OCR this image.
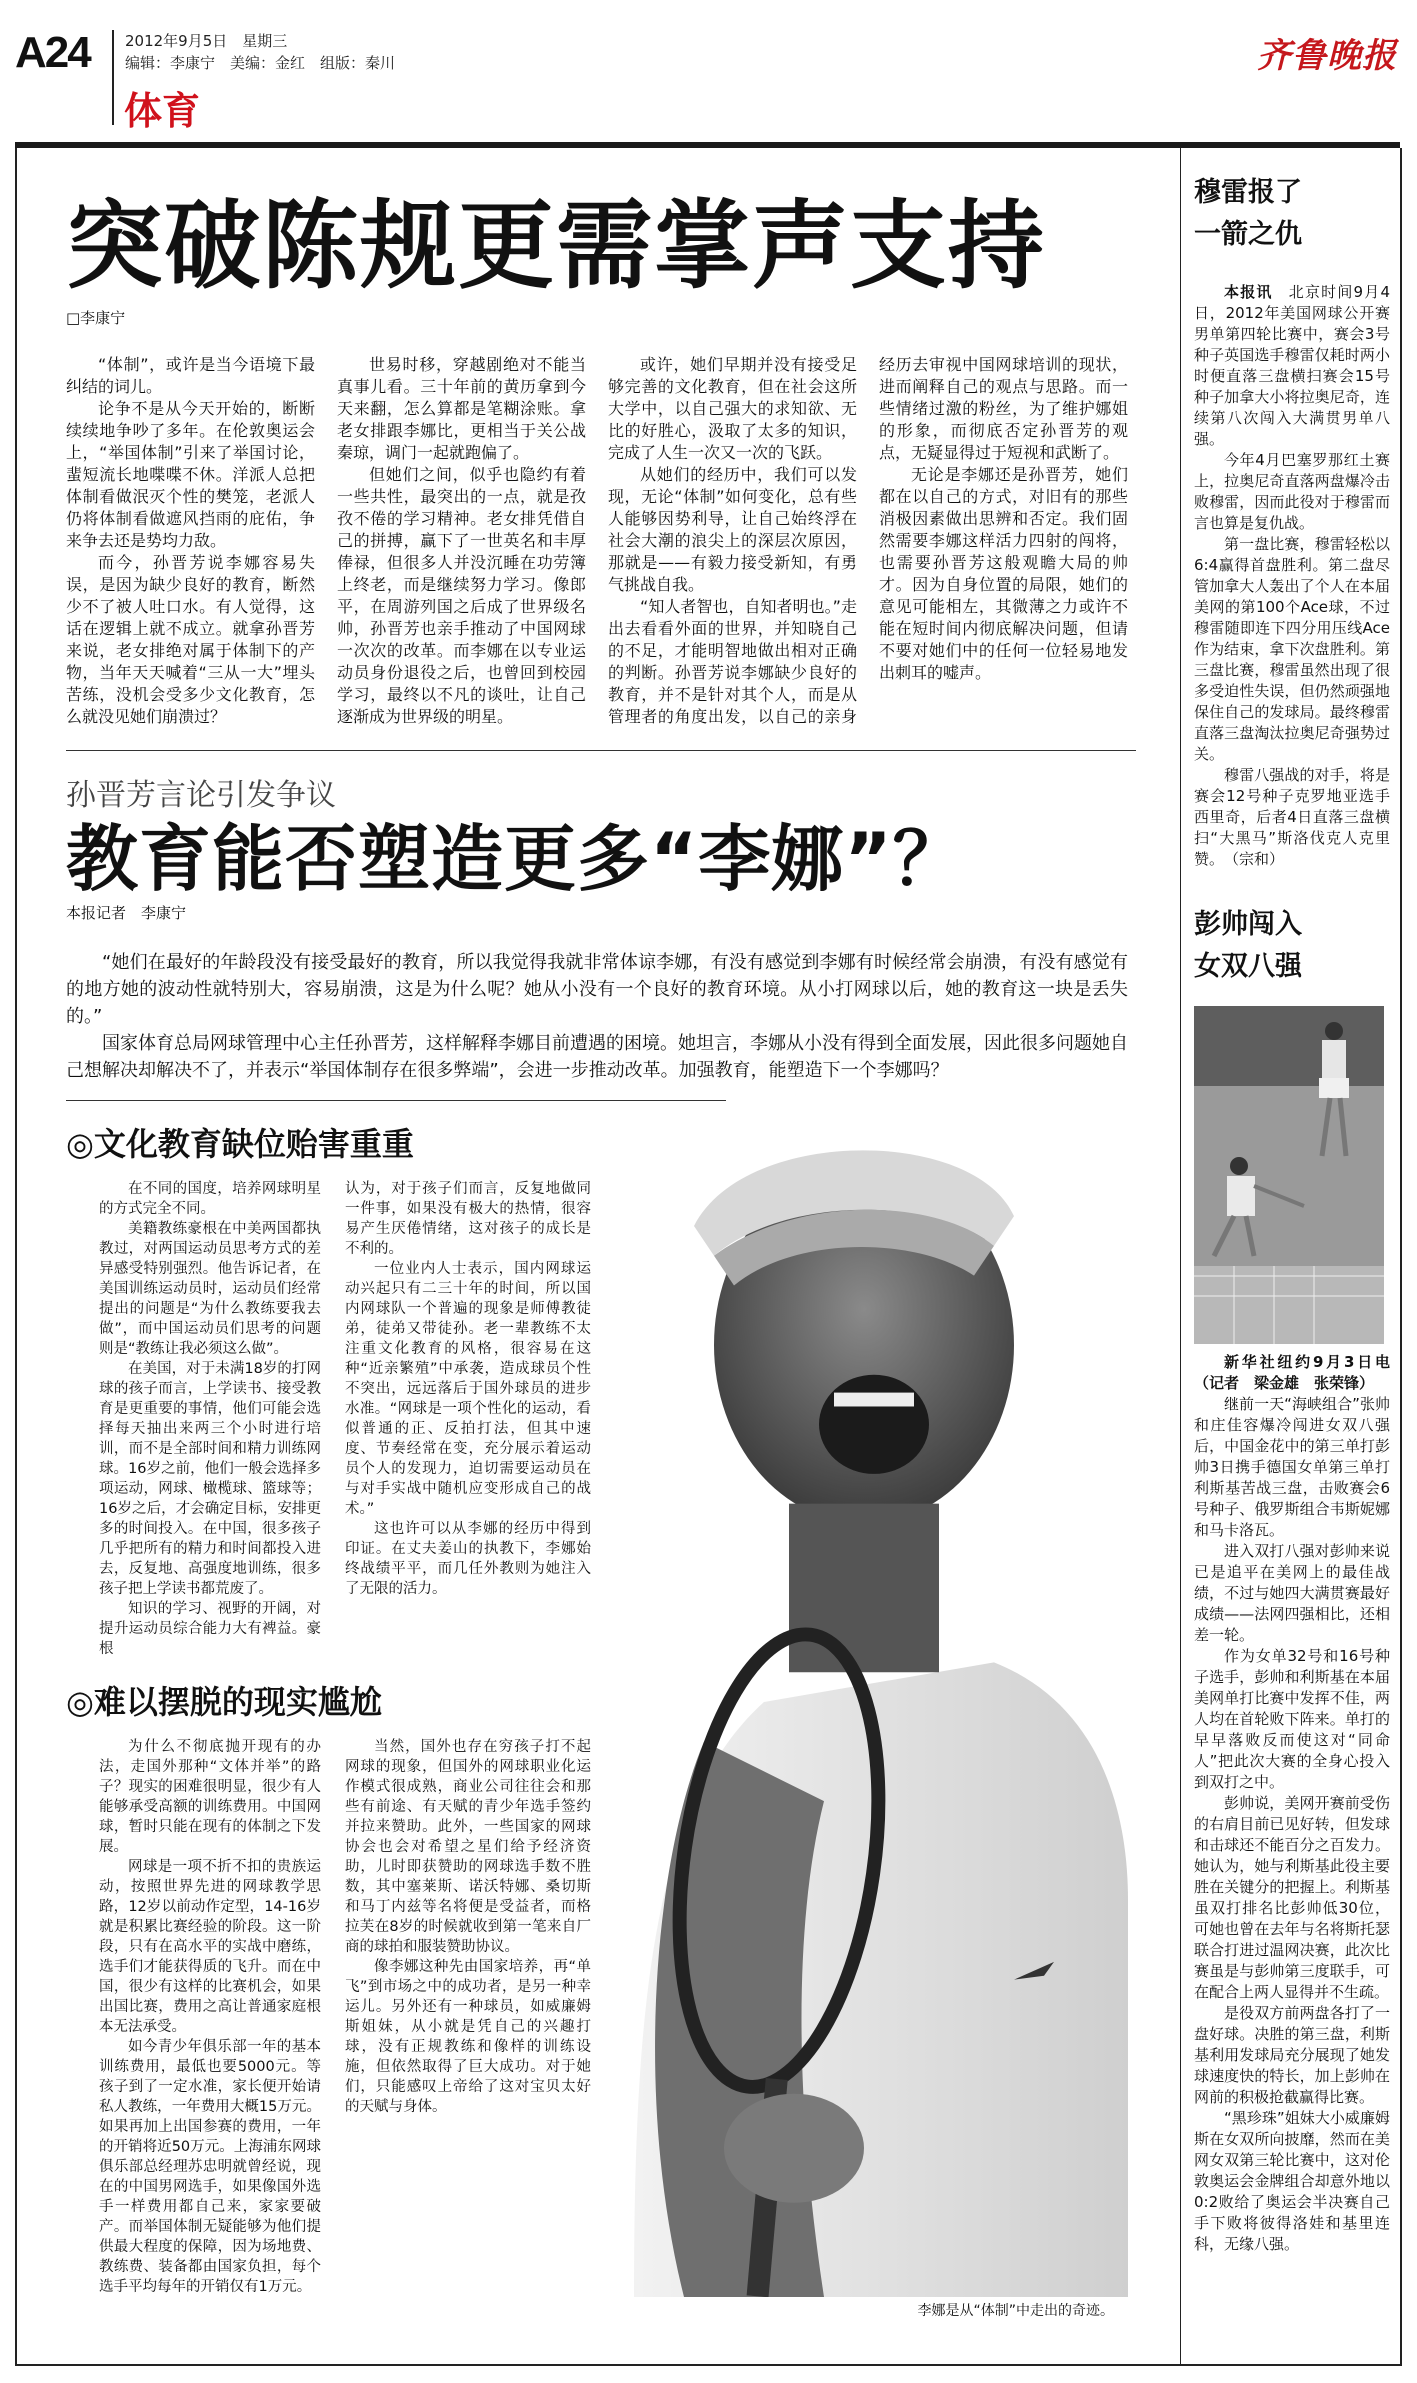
A24 2012年9月5日　星期三
编辑：李康宁　美编：金红　组版：秦川
体育
齐鲁晚报
突破陈规更需掌声支持
□李康宁

“体制”，或许是当今语境下最纠结的词儿。

论争不是从今天开始的，断断续续地争吵了多年。在伦敦奥运会上，“举国体制”引来了举国讨论，蜚短流长地喋喋不休。洋派人总把体制看做泯灭个性的樊笼，老派人仍将体制看做遮风挡雨的庇佑，争来争去还是势均力敌。

而今，孙晋芳说李娜容易失误，是因为缺少良好的教育，断然少不了被人吐口水。有人觉得，这话在逻辑上就不成立。就拿孙晋芳来说，老女排绝对属于体制下的产物，当年天天喊着“三从一大”埋头苦练，没机会受多少文化教育，怎么就没见她们崩溃过？

世易时移，穿越剧绝对不能当真事儿看。三十年前的黄历拿到今天来翻，怎么算都是笔糊涂账。拿老女排跟李娜比，更相当于关公战秦琼，调门一起就跑偏了。

但她们之间，似乎也隐约有着一些共性，最突出的一点，就是孜孜不倦的学习精神。老女排凭借自己的拼搏，赢下了一世英名和丰厚俸禄，但很多人并没沉睡在功劳簿上终老，而是继续努力学习。像郎平，在周游列国之后成了世界级名帅，孙晋芳也亲手推动了中国网球一次次的改革。而李娜在以专业运动员身份退役之后，也曾回到校园学习，最终以不凡的谈吐，让自己逐渐成为世界级的明星。

或许，她们早期并没有接受足够完善的文化教育，但在社会这所大学中，以自己强大的求知欲、无比的好胜心，汲取了太多的知识，完成了人生一次又一次的飞跃。

从她们的经历中，我们可以发现，无论“体制”如何变化，总有些人能够因势利导，让自己始终浮在社会大潮的浪尖上的深层次原因，那就是——有毅力接受新知，有勇气挑战自我。

“知人者智也，自知者明也。”走出去看看外面的世界，并知晓自己的不足，才能明智地做出相对正确的判断。孙晋芳说李娜缺少良好的教育，并不是针对其个人，而是从管理者的角度出发，以自己的亲身经历去审视中国网球培训的现状，进而阐释自己的观点与思路。而一些情绪过激的粉丝，为了维护娜姐的形象，而彻底否定孙晋芳的观点，无疑显得过于短视和武断了。

无论是李娜还是孙晋芳，她们都在以自己的方式，对旧有的那些消极因素做出思辨和否定。我们固然需要李娜这样活力四射的闯将，也需要孙晋芳这般观瞻大局的帅才。因为自身位置的局限，她们的意见可能相左，其微薄之力或许不能在短时间内彻底解决问题，但请不要对她们中的任何一位轻易地发出刺耳的嘘声。

孙晋芳言论引发争议
教育能否塑造更多“李娜”？
本报记者　李康宁

“她们在最好的年龄段没有接受最好的教育，所以我觉得我就非常体谅李娜，有没有感觉到李娜有时候经常会崩溃，有没有感觉有的地方她的波动性就特别大，容易崩溃，这是为什么呢？她从小没有一个良好的教育环境。从小打网球以后，她的教育这一块是丢失的。”

国家体育总局网球管理中心主任孙晋芳，这样解释李娜目前遭遇的困境。她坦言，李娜从小没有得到全面发展，因此很多问题她自己想解决却解决不了，并表示“举国体制存在很多弊端”，会进一步推动改革。加强教育，能塑造下一个李娜吗？

◎文化教育缺位贻害重重

在不同的国度，培养网球明星的方式完全不同。

美籍教练豪根在中美两国都执教过，对两国运动员思考方式的差异感受特别强烈。他告诉记者，在美国训练运动员时，运动员们经常提出的问题是“为什么教练要我去做”，而中国运动员们思考的问题则是“教练让我必须这么做”。

在美国，对于未满18岁的打网球的孩子而言，上学读书、接受教育是更重要的事情，他们可能会选择每天抽出来两三个小时进行培训，而不是全部时间和精力训练网球。16岁之前，他们一般会选择多项运动，网球、橄榄球、篮球等；16岁之后，才会确定目标，安排更多的时间投入。在中国，很多孩子几乎把所有的精力和时间都投入进去，反复地、高强度地训练，很多孩子把上学读书都荒废了。

知识的学习、视野的开阔，对提升运动员综合能力大有裨益。豪根

认为，对于孩子们而言，反复地做同一件事，如果没有极大的热情，很容易产生厌倦情绪，这对孩子的成长是不利的。

一位业内人士表示，国内网球运动兴起只有二三十年的时间，所以国内网球队一个普遍的现象是师傅教徒弟，徒弟又带徒孙。老一辈教练不太注重文化教育的风格，很容易在这种“近亲繁殖”中承袭，造成球员个性不突出，远远落后于国外球员的进步水准。“网球是一项个性化的运动，看似普通的正、反拍打法，但其中速度、节奏经常在变，充分展示着运动员个人的发现力，迫切需要运动员在与对手实战中随机应变形成自己的战术。”

这也许可以从李娜的经历中得到印证。在丈夫姜山的执教下，李娜始终战绩平平，而几任外教则为她注入了无限的活力。

◎难以摆脱的现实尴尬

为什么不彻底抛开现有的办法，走国外那种“文体并举”的路子？现实的困难很明显，很少有人能够承受高额的训练费用。中国网球，暂时只能在现有的体制之下发展。

网球是一项不折不扣的贵族运动，按照世界先进的网球教学思路，12岁以前动作定型，14-16岁就是积累比赛经验的阶段。这一阶段，只有在高水平的实战中磨练，选手们才能获得质的飞升。而在中国，很少有这样的比赛机会，如果出国比赛，费用之高让普通家庭根本无法承受。

如今青少年俱乐部一年的基本训练费用，最低也要5000元。等孩子到了一定水准，家长便开始请私人教练，一年费用大概15万元。如果再加上出国参赛的费用，一年的开销将近50万元。上海浦东网球俱乐部总经理苏忠明就曾经说，现在的中国男网选手，如果像国外选手一样费用都自己来，家家要破产。而举国体制无疑能够为他们提供最大程度的保障，因为场地费、教练费、装备都由国家负担，每个选手平均每年的开销仅有1万元。

当然，国外也存在穷孩子打不起网球的现象，但国外的网球职业化运作模式很成熟，商业公司往往会和那些有前途、有天赋的青少年选手签约并拉来赞助。此外，一些国家的网球协会也会对希望之星们给予经济资助，儿时即获赞助的网球选手数不胜数，其中塞莱斯、诺沃特娜、桑切斯和马丁内兹等名将便是受益者，而格拉芙在8岁的时候就收到第一笔来自厂商的球拍和服装赞助协议。

像李娜这种先由国家培养，再“单飞”到市场之中的成功者，是另一种幸运儿。另外还有一种球员，如威廉姆斯姐妹，从小就是凭自己的兴趣打球，没有正规教练和像样的训练设施，但依然取得了巨大成功。对于她们，只能感叹上帝给了这对宝贝太好的天赋与身体。

李娜是从“体制”中走出的奇迹。
穆雷报了
一箭之仇

本报讯　北京时间9月4日，2012年美国网球公开赛男单第四轮比赛中，赛会3号种子英国选手穆雷仅耗时两小时便直落三盘横扫赛会15号种子加拿大小将拉奥尼奇，连续第八次闯入大满贯男单八强。

今年4月巴塞罗那红土赛上，拉奥尼奇直落两盘爆冷击败穆雷，因而此役对于穆雷而言也算是复仇战。

第一盘比赛，穆雷轻松以6:4赢得首盘胜利。第二盘尽管加拿大人轰出了个人在本届美网的第100个Ace球，不过穆雷随即连下四分用压线Ace作为结束，拿下次盘胜利。第三盘比赛，穆雷虽然出现了很多受迫性失误，但仍然顽强地保住自己的发球局。最终穆雷直落三盘淘汰拉奥尼奇强势过关。

穆雷八强战的对手，将是赛会12号种子克罗地亚选手西里奇，后者4日直落三盘横扫“大黑马”斯洛伐克人克里赞。　（宗和）

彭帅闯入
女双八强

新华社纽约9月3日电（记者　梁金雄　张荣锋）

继前一天“海峡组合”张帅和庄佳容爆冷闯进女双八强后，中国金花中的第三单打彭帅3日携手德国女单第三单打利斯基苦战三盘，击败赛会6号种子、俄罗斯组合韦斯妮娜和马卡洛瓦。

进入双打八强对彭帅来说已是追平在美网上的最佳战绩，不过与她四大满贯赛最好成绩——法网四强相比，还相差一轮。

作为女单32号和16号种子选手，彭帅和利斯基在本届美网单打比赛中发挥不佳，两人均在首轮败下阵来。单打的早早落败反而使这对“同命人”把此次大赛的全身心投入到双打之中。

彭帅说，美网开赛前受伤的右肩目前已见好转，但发球和击球还不能百分之百发力。她认为，她与利斯基此役主要胜在关键分的把握上。利斯基虽双打排名比彭帅低30位，可她也曾在去年与名将斯托瑟联合打进过温网决赛，此次比赛虽是与彭帅第三度联手，可在配合上两人显得并不生疏。

是役双方前两盘各打了一盘好球。决胜的第三盘，利斯基利用发球局充分展现了她发球速度快的特长，加上彭帅在网前的积极抢截赢得比赛。

“黑珍珠”姐妹大小威廉姆斯在女双所向披靡，然而在美网女双第三轮比赛中，这对伦敦奥运会金牌组合却意外地以0:2败给了奥运会半决赛自己手下败将彼得洛娃和基里连科，无缘八强。
